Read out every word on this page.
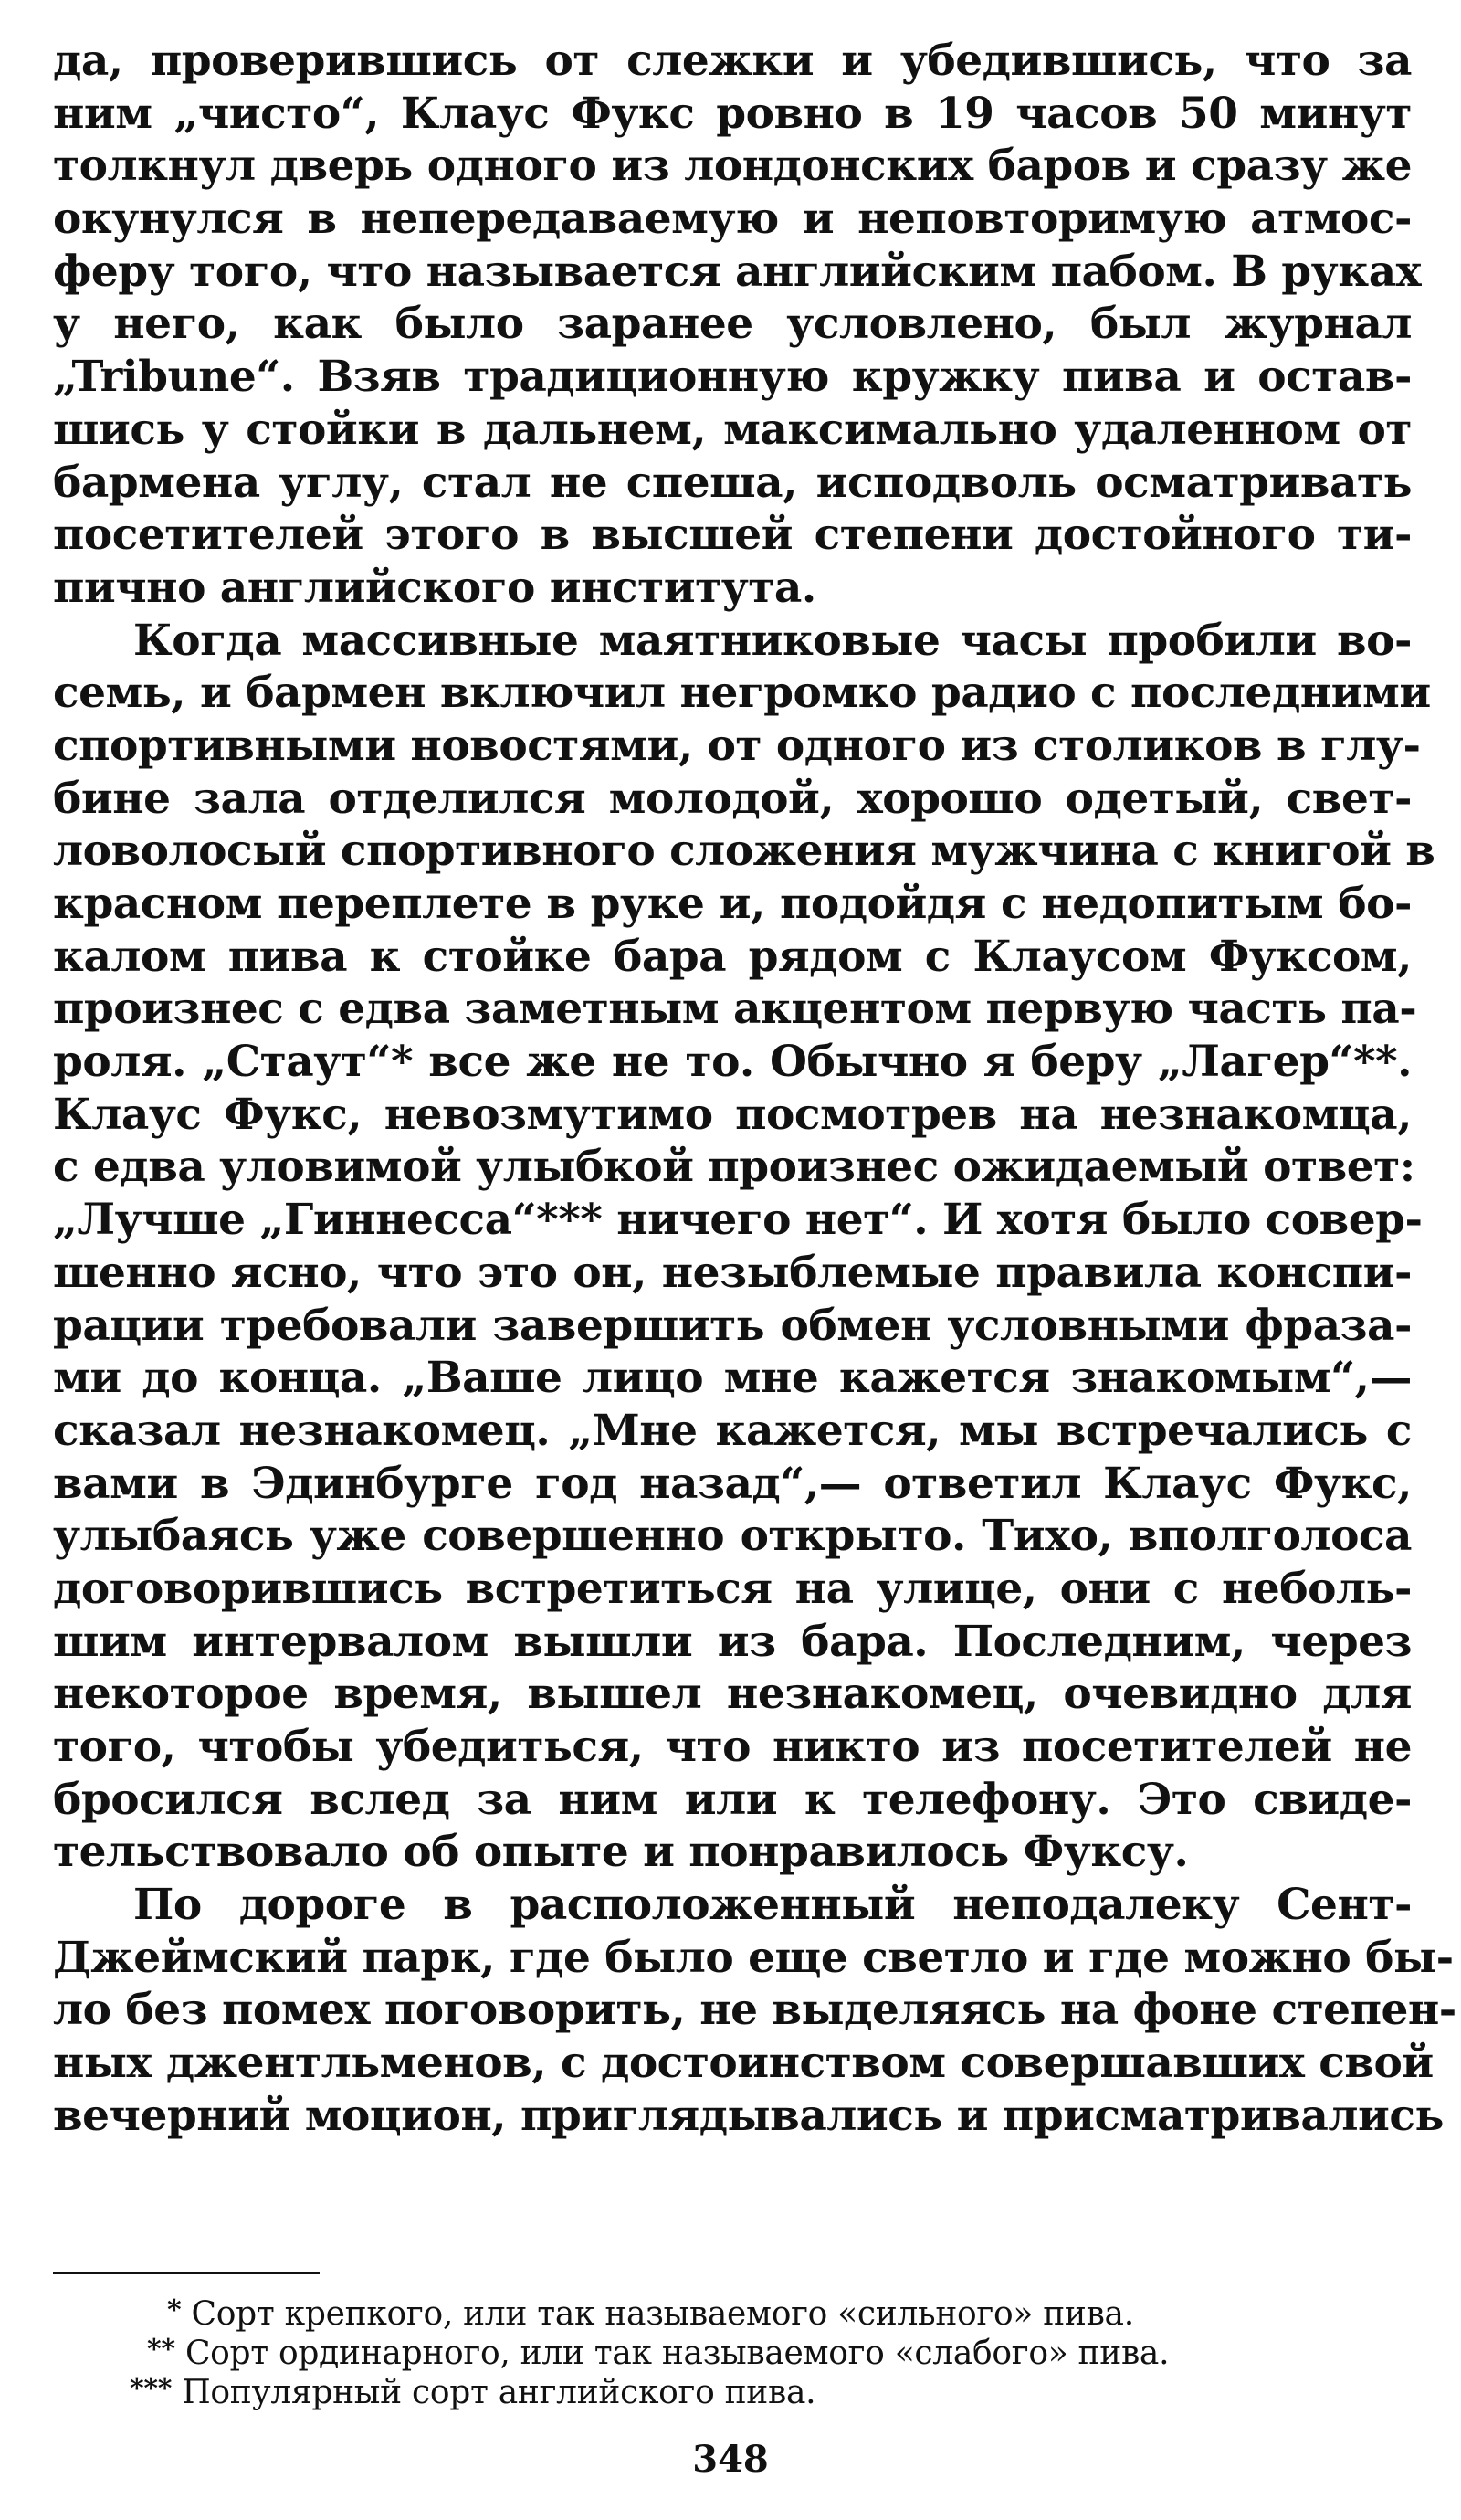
да, проверившись от слежки и убедившись, что за
ним „чисто“, Клаус Фукс ровно в 19 часов 50 минут
толкнул дверь одного из лондонских баров и сразу же
окунулся в непередаваемую и неповторимую атмос-
феру того, что называется английским пабом. В руках
у него, как было заранее условлено, был журнал
„Tribune“. Взяв традиционную кружку пива и остав-
шись у стойки в дальнем, максимально удаленном от
бармена углу, стал не спеша, исподволь осматривать
посетителей этого в высшей степени достойного ти-
пично английского института.
Когда массивные маятниковые часы пробили во-
семь, и бармен включил негромко радио с последними
спортивными новостями, от одного из столиков в глу-
бине зала отделился молодой, хорошо одетый, свет-
ловолосый спортивного сложения мужчина с книгой в
красном переплете в руке и, подойдя с недопитым бо-
калом пива к стойке бара рядом с Клаусом Фуксом,
произнес с едва заметным акцентом первую часть па-
роля. „Стаут“* все же не то. Обычно я беру „Лагер“**.
Клаус Фукс, невозмутимо посмотрев на незнакомца,
с едва уловимой улыбкой произнес ожидаемый ответ:
„Лучше „Гиннесса“*** ничего нет“. И хотя было совер-
шенно ясно, что это он, незыблемые правила конспи-
рации требовали завершить обмен условными фраза-
ми до конца. „Ваше лицо мне кажется знакомым“,—
сказал незнакомец. „Мне кажется, мы встречались с
вами в Эдинбурге год назад“,— ответил Клаус Фукс,
улыбаясь уже совершенно открыто. Тихо, вполголоса
договорившись встретиться на улице, они с неболь-
шим интервалом вышли из бара. Последним, через
некоторое время, вышел незнакомец, очевидно для
того, чтобы убедиться, что никто из посетителей не
бросился вслед за ним или к телефону. Это свиде-
тельствовало об опыте и понравилось Фуксу.
По дороге в расположенный неподалеку Сент-
Джеймский парк, где было еще светло и где можно бы-
ло без помех поговорить, не выделяясь на фоне степен-
ных джентльменов, с достоинством совершавших свой
вечерний моцион, приглядывались и присматривались
* Сорт крепкого, или так называемого «сильного» пива.
** Сорт ординарного, или так называемого «слабого» пива.
*** Популярный сорт английского пива.
348
